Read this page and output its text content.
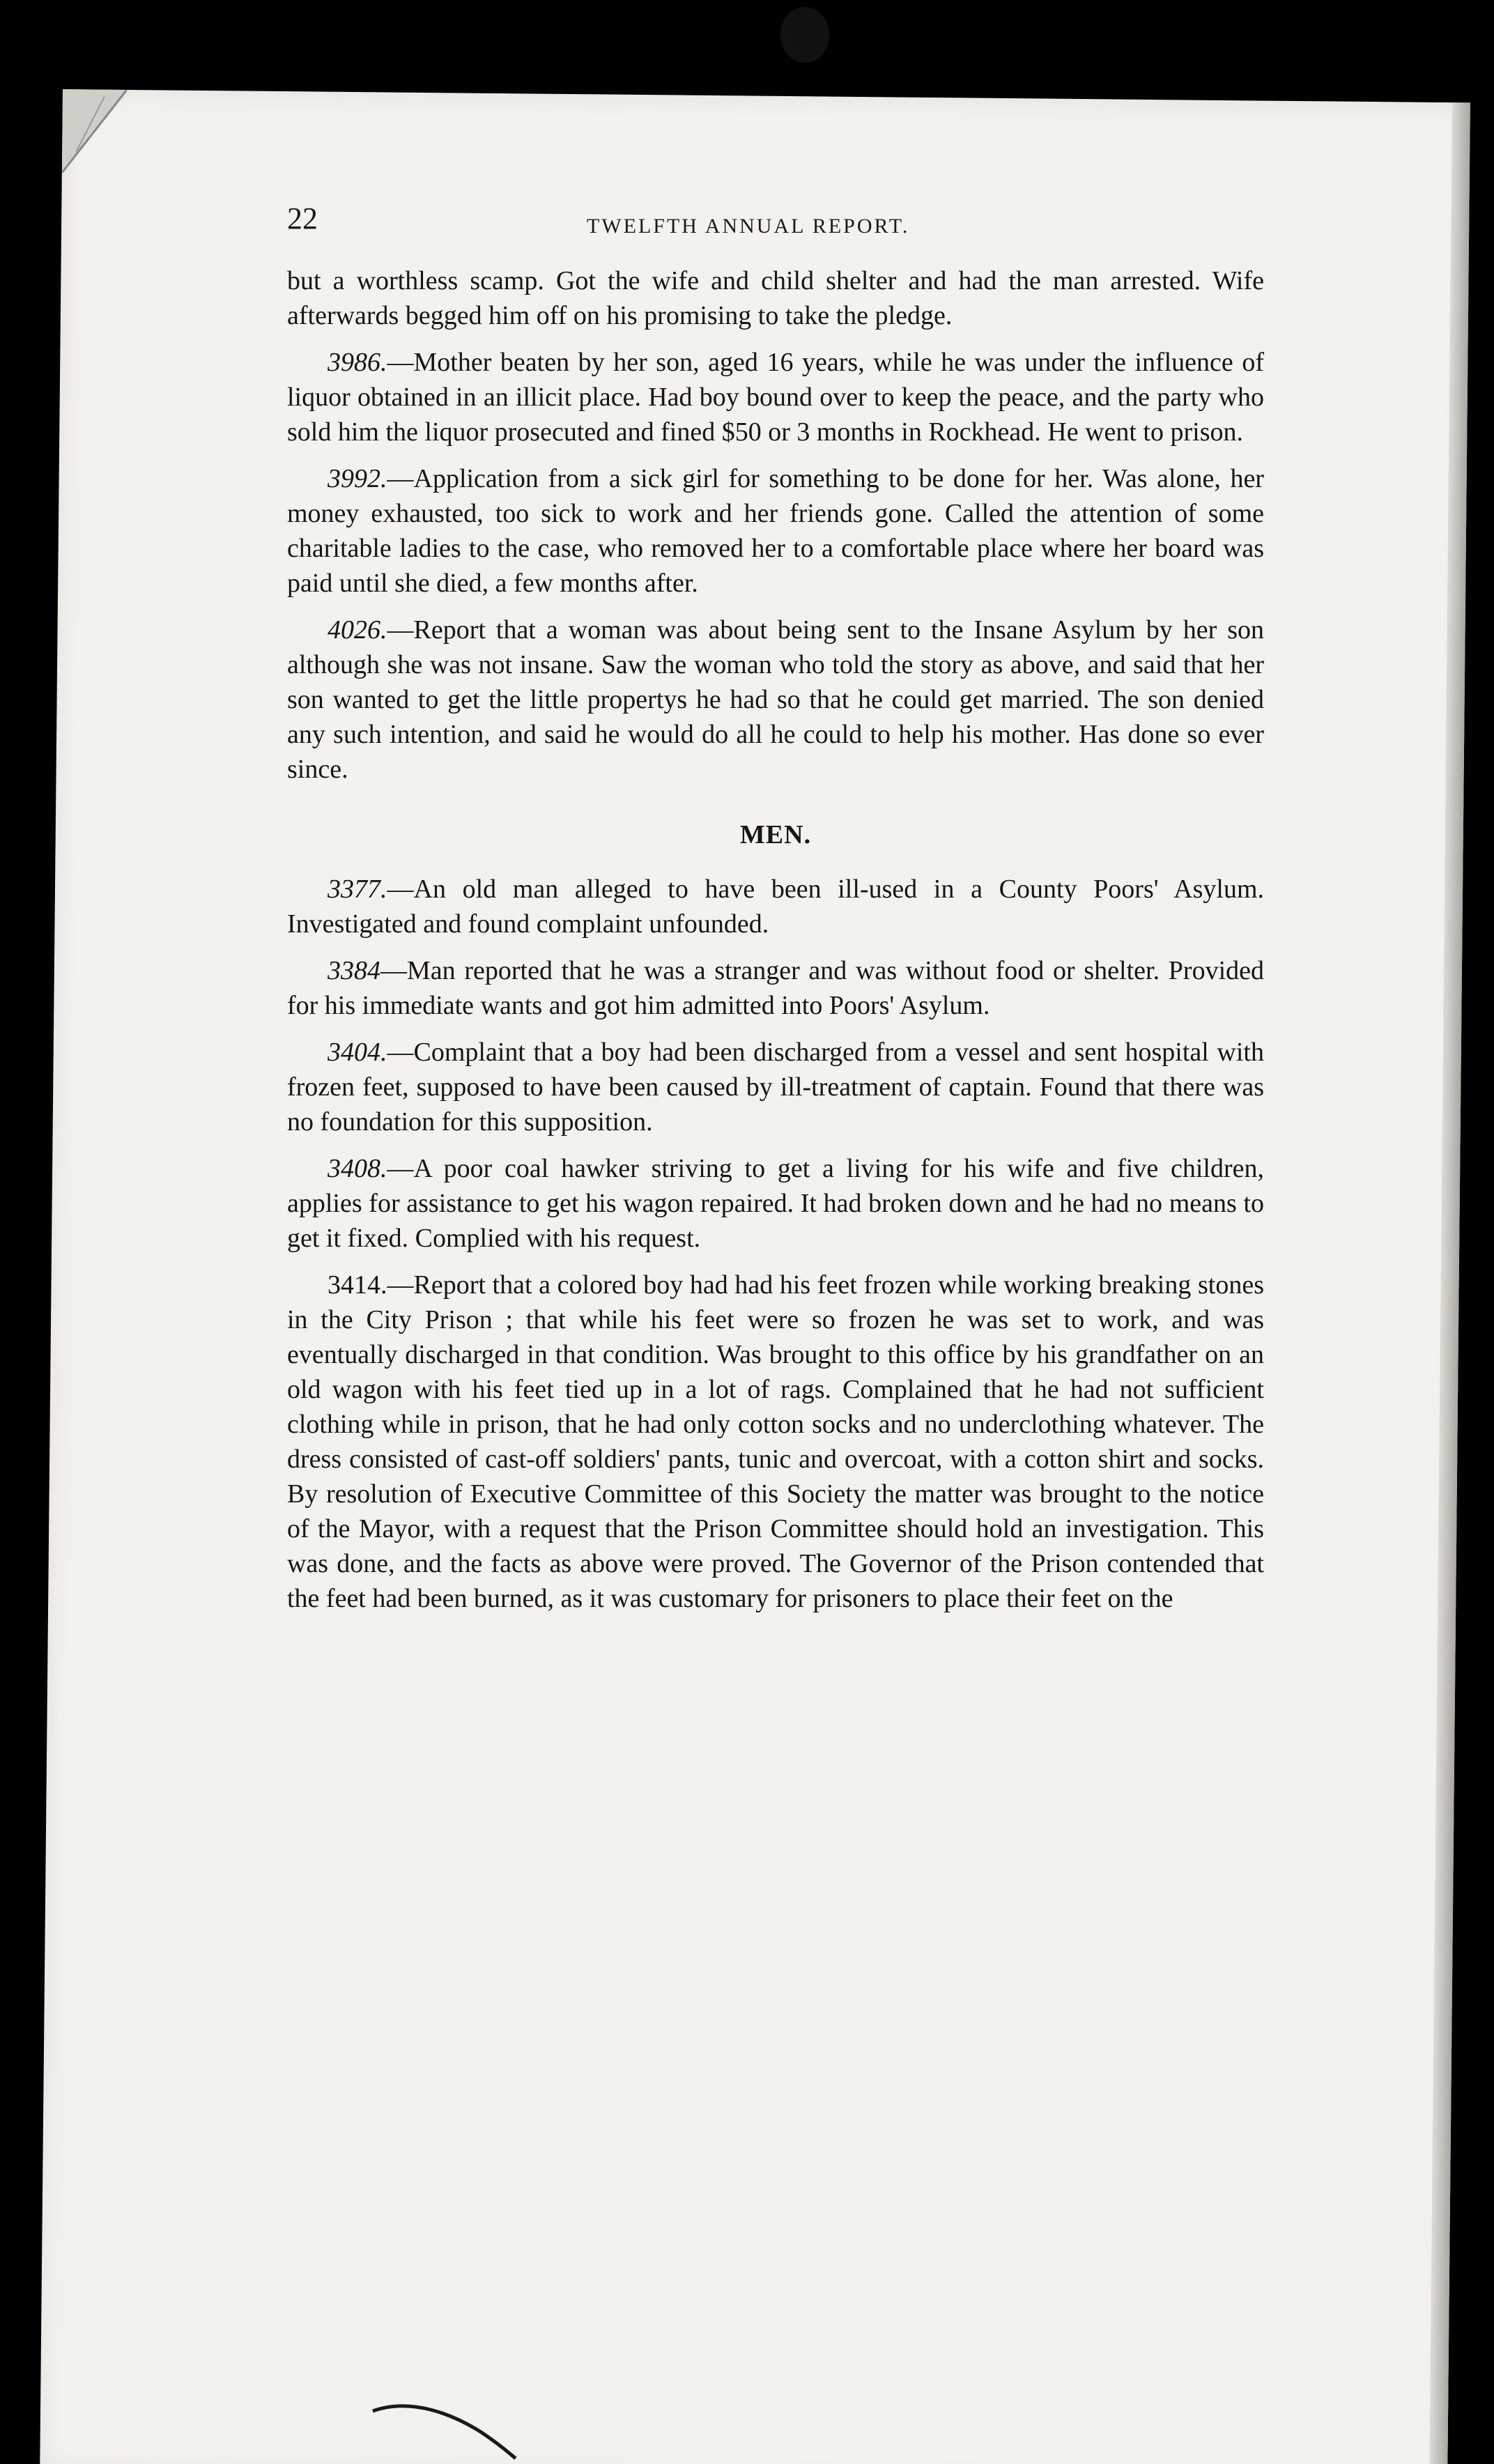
22	TWELFTH ANNUAL REPORT.

but a worthless scamp. Got the wife and child shelter and had the man arrested. Wife afterwards begged him off on his promising to take the pledge.

3986.—Mother beaten by her son, aged 16 years, while he was under the influence of liquor obtained in an illicit place. Had boy bound over to keep the peace, and the party who sold him the liquor prosecuted and fined $50 or 3 months in Rockhead. He went to prison.

3992.—Application from a sick girl for something to be done for her. Was alone, her money exhausted, too sick to work and her friends gone. Called the attention of some charitable ladies to the case, who removed her to a comfortable place where her board was paid until she died, a few months after.

4026.—Report that a woman was about being sent to the Insane Asylum by her son although she was not insane. Saw the woman who told the story as above, and said that her son wanted to get the little propertys he had so that he could get married. The son denied any such intention, and said he would do all he could to help his mother. Has done so ever since.

MEN.

3377.—An old man alleged to have been ill-used in a County Poors' Asylum. Investigated and found complaint unfounded.

3384—Man reported that he was a stranger and was without food or shelter. Provided for his immediate wants and got him admitted into Poors' Asylum.

3404.—Complaint that a boy had been discharged from a vessel and sent hospital with frozen feet, supposed to have been caused by ill-treatment of captain. Found that there was no foundation for this supposition.

3408.—A poor coal hawker striving to get a living for his wife and five children, applies for assistance to get his wagon repaired. It had broken down and he had no means to get it fixed. Complied with his request.

3414.—Report that a colored boy had had his feet frozen while working breaking stones in the City Prison ; that while his feet were so frozen he was set to work, and was eventually discharged in that condition. Was brought to this office by his grandfather on an old wagon with his feet tied up in a lot of rags. Complained that he had not sufficient clothing while in prison, that he had only cotton socks and no underclothing whatever. The dress consisted of cast-off soldiers' pants, tunic and overcoat, with a cotton shirt and socks. By resolution of Executive Committee of this Society the matter was brought to the notice of the Mayor, with a request that the Prison Committee should hold an investigation. This was done, and the facts as above were proved. The Governor of the Prison contended that the feet had been burned, as it was customary for prisoners to place their feet on the
